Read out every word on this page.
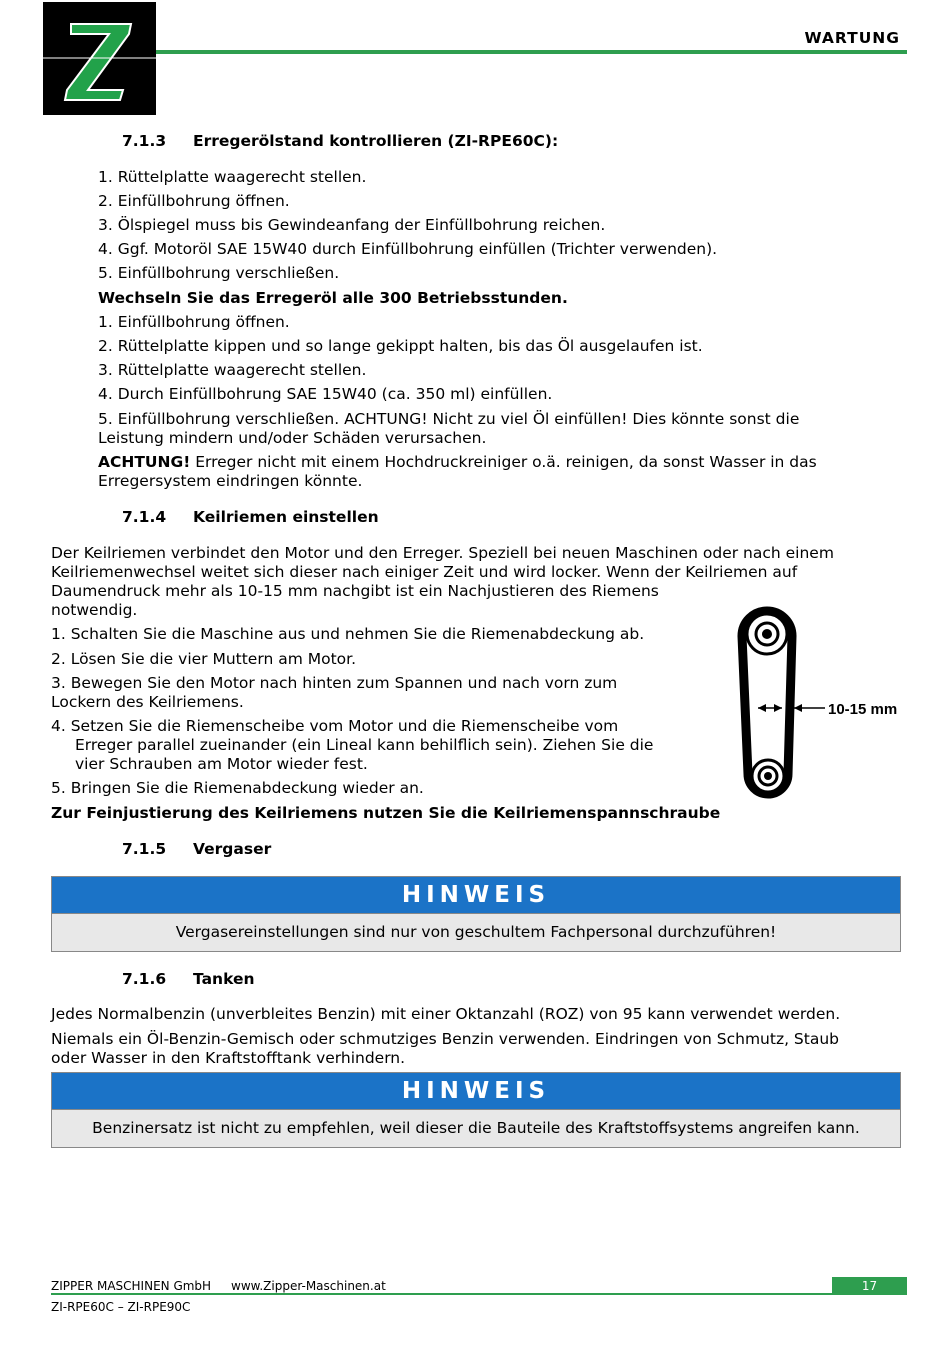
WARTUNG
7.1.3 Erregerölstand kontrollieren (ZI-RPE60C):
1. Rüttelplatte waagerecht stellen.
2. Einfüllbohrung öffnen.
3. Ölspiegel muss bis Gewindeanfang der Einfüllbohrung reichen.
4. Ggf. Motoröl SAE 15W40 durch Einfüllbohrung einfüllen (Trichter verwenden).
5. Einfüllbohrung verschließen.
Wechseln Sie das Erregeröl alle 300 Betriebsstunden.
1. Einfüllbohrung öffnen.
2. Rüttelplatte kippen und so lange gekippt halten, bis das Öl ausgelaufen ist.
3. Rüttelplatte waagerecht stellen.
4. Durch Einfüllbohrung SAE 15W40 (ca. 350 ml) einfüllen.
5. Einfüllbohrung verschließen. ACHTUNG! Nicht zu viel Öl einfüllen! Dies könnte sonst die
Leistung mindern und/oder Schäden verursachen.
ACHTUNG! Erreger nicht mit einem Hochdruckreiniger o.ä. reinigen, da sonst Wasser in das
Erregersystem eindringen könnte.
7.1.4 Keilriemen einstellen
Der Keilriemen verbindet den Motor und den Erreger. Speziell bei neuen Maschinen oder nach einem
Keilriemenwechsel weitet sich dieser nach einiger Zeit und wird locker. Wenn der Keilriemen auf
Daumendruck mehr als 10-15 mm nachgibt ist ein Nachjustieren des Riemens
notwendig.
1. Schalten Sie die Maschine aus und nehmen Sie die Riemenabdeckung ab.
2. Lösen Sie die vier Muttern am Motor.
3. Bewegen Sie den Motor nach hinten zum Spannen und nach vorn zum
Lockern des Keilriemens.
4. Setzen Sie die Riemenscheibe vom Motor und die Riemenscheibe vom
Erreger parallel zueinander (ein Lineal kann behilflich sein). Ziehen Sie die
vier Schrauben am Motor wieder fest.
5. Bringen Sie die Riemenabdeckung wieder an.
Zur Feinjustierung des Keilriemens nutzen Sie die Keilriemenspannschraube
10-15 mm
7.1.5 Vergaser
HINWEIS
Vergasereinstellungen sind nur von geschultem Fachpersonal durchzuführen!
7.1.6 Tanken
Jedes Normalbenzin (unverbleites Benzin) mit einer Oktanzahl (ROZ) von 95 kann verwendet werden.
Niemals ein Öl-Benzin-Gemisch oder schmutziges Benzin verwenden. Eindringen von Schmutz, Staub
oder Wasser in den Kraftstofftank verhindern.
HINWEIS
Benzinersatz ist nicht zu empfehlen, weil dieser die Bauteile des Kraftstoffsystems angreifen kann.
17
ZIPPER MASCHINEN GmbH www.Zipper-Maschinen.at
ZI-RPE60C – ZI-RPE90C
